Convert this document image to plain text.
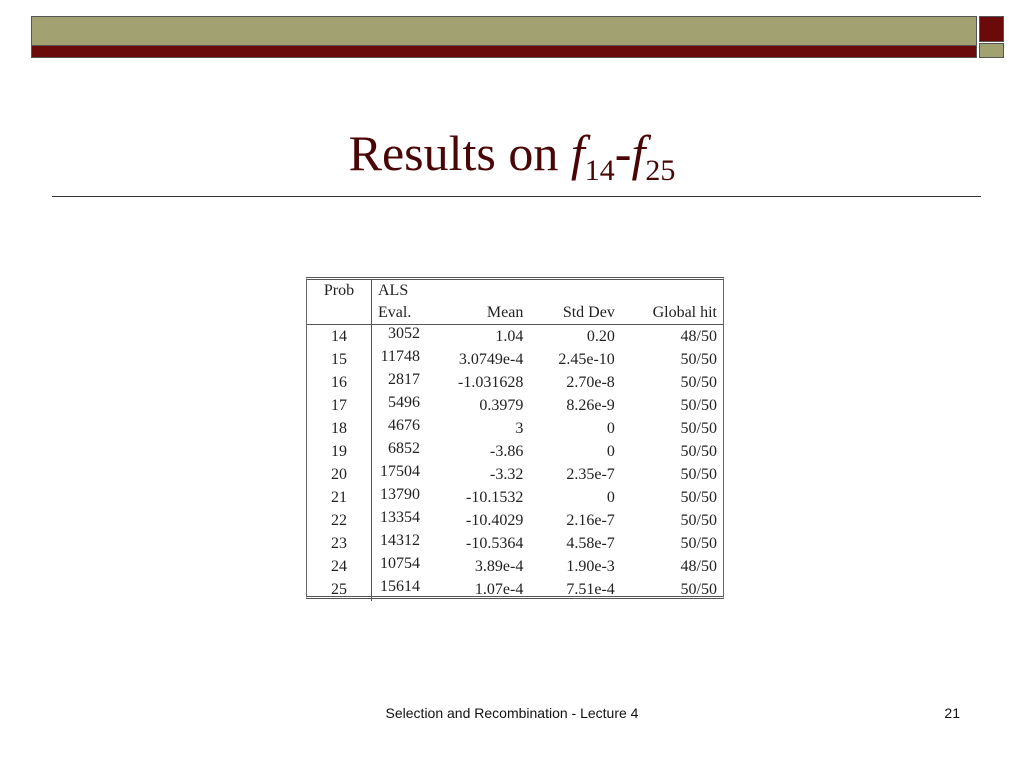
Results on $f_{14}-f_{25}$
Prob	ALS			
	Eval.	Mean	Std Dev	Global hit
14	3052	1.04	0.20	48/50
15	11748	3.0749e-4	2.45e-10	50/50
16	2817	-1.031628	2.70e-8	50/50
17	5496	0.3979	8.26e-9	50/50
18	4676	3	0	50/50
19	6852	-3.86	0	50/50
20	17504	-3.32	2.35e-7	50/50
21	13790	-10.1532	0	50/50
22	13354	-10.4029	2.16e-7	50/50
23	14312	-10.5364	4.58e-7	50/50
24	10754	3.89e-4	1.90e-3	48/50
25	15614	1.07e-4	7.51e-4	50/50
Selection and Recombination - Lecture 4	21
